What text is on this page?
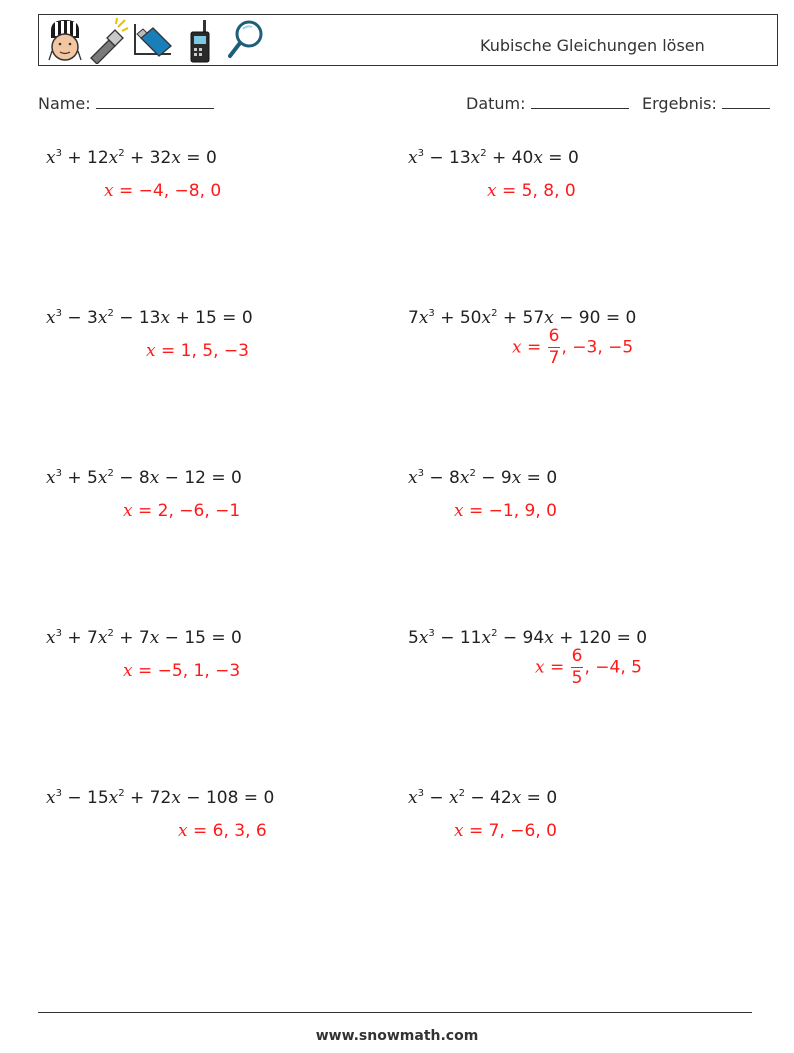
Kubische Gleichungen lösen
Name:	Datum:	Ergebnis:
$x^3 + 12x^2 + 32x = 0$
x = −4, −8, 0
$x^3 - 13x^2 + 40x = 0$
x = 5, 8, 0
$x^3 - 3x^2 - 13x + 15 = 0$
x = 1, 5, −3
$7x^3 + 50x^2 + 57x - 90 = 0$
$x = \frac{6}{7}$ , −3, −5
$x^3 + 5x^2 - 8x - 12 = 0$
x = 2, −6, −1
$x^3 - 8x^2 - 9x = 0$
x = −1, 9, 0
$x^3 + 7x^2 + 7x - 15 = 0$
x = −5, 1, −3
$5x^3 - 11x^2 - 94x + 120 = 0$
$x = \frac{6}{5}$ , −4, 5
$x^3 - 15x^2 + 72x - 108 = 0$
x = 6, 3, 6
$x^3 - x^2 - 42x = 0$
x = 7, −6, 0
www.snowmath.com
